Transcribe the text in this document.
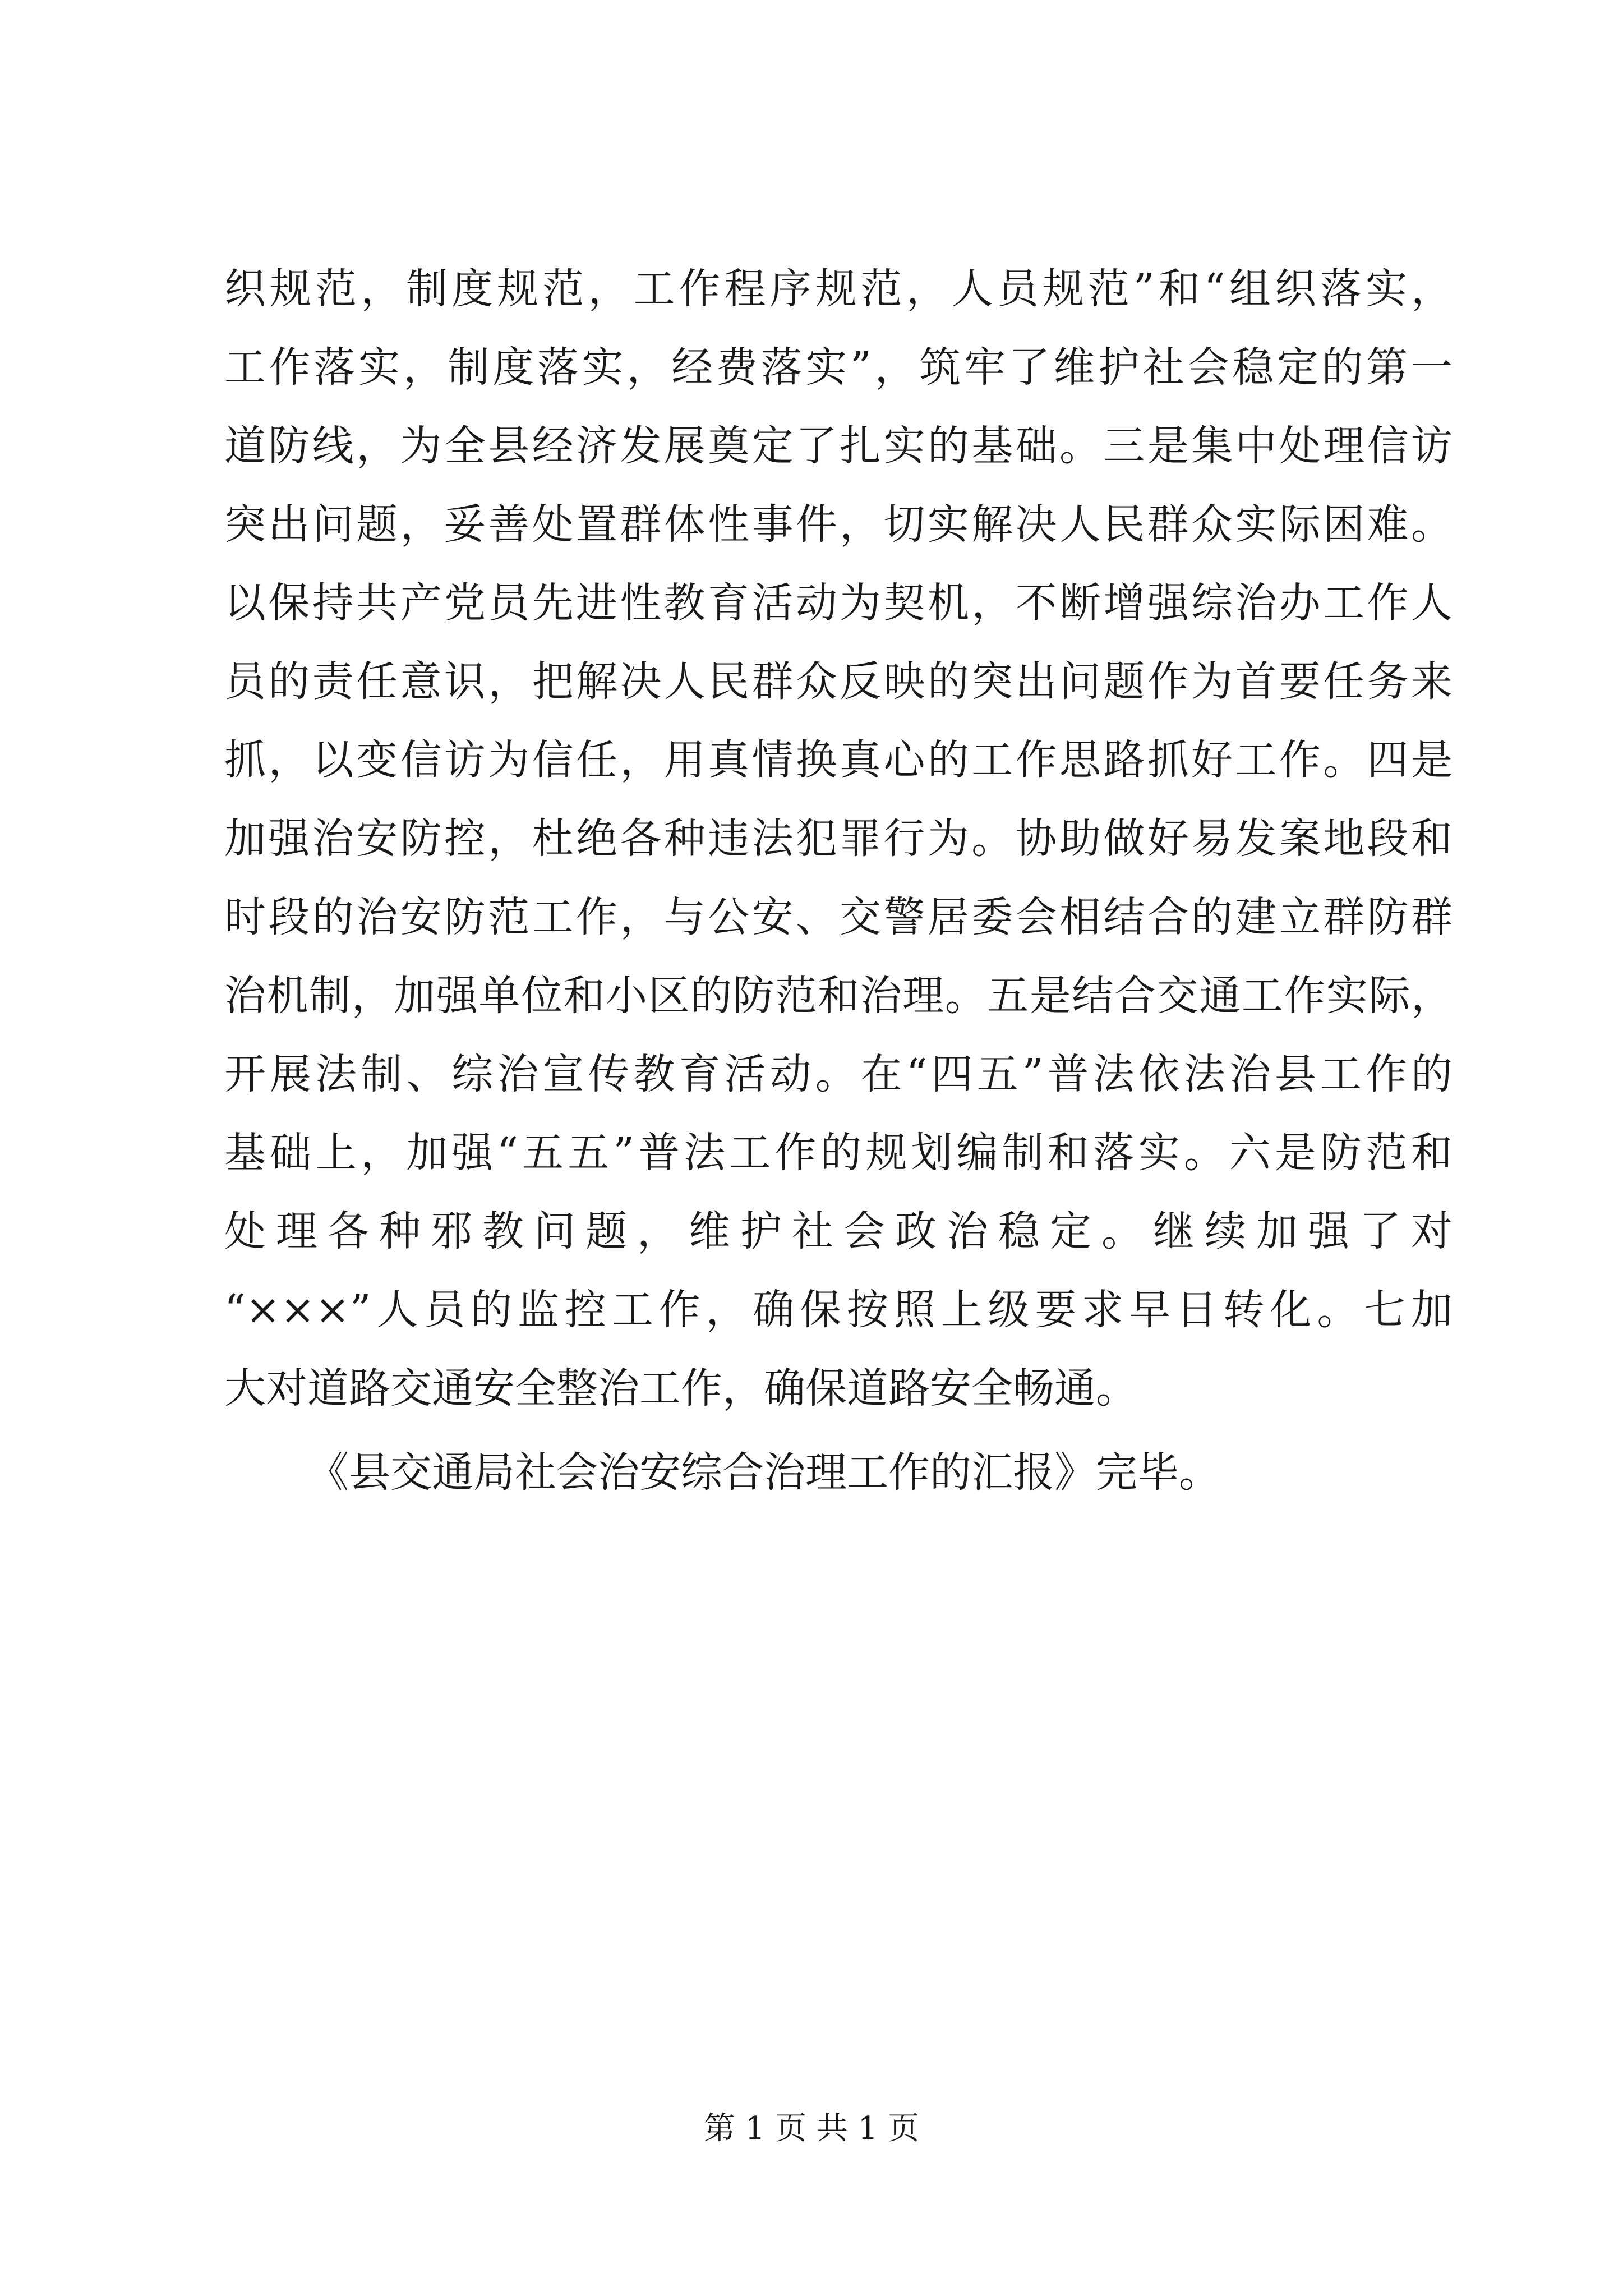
织规范，制度规范，工作程序规范，人员规范”和“组织落实，
工作落实，制度落实，经费落实”，筑牢了维护社会稳定的第一
道防线，为全县经济发展奠定了扎实的基础。三是集中处理信访
突出问题，妥善处置群体性事件，切实解决人民群众实际困难。
以保持共产党员先进性教育活动为契机，不断增强综治办工作人
员的责任意识，把解决人民群众反映的突出问题作为首要任务来
抓，以变信访为信任，用真情换真心的工作思路抓好工作。四是
加强治安防控，杜绝各种违法犯罪行为。协助做好易发案地段和
时段的治安防范工作，与公安、交警居委会相结合的建立群防群
治机制，加强单位和小区的防范和治理。五是结合交通工作实际，
开展法制、综治宣传教育活动。在“四五”普法依法治县工作的
基础上，加强“五五”普法工作的规划编制和落实。六是防范和
处理各种邪教问题，维护社会政治稳定。继续加强了对
“×××”人员的监控工作，确保按照上级要求早日转化。七加
大对道路交通安全整治工作，确保道路安全畅通。
《县交通局社会治安综合治理工作的汇报》完毕。
第 1 页 共 1 页
